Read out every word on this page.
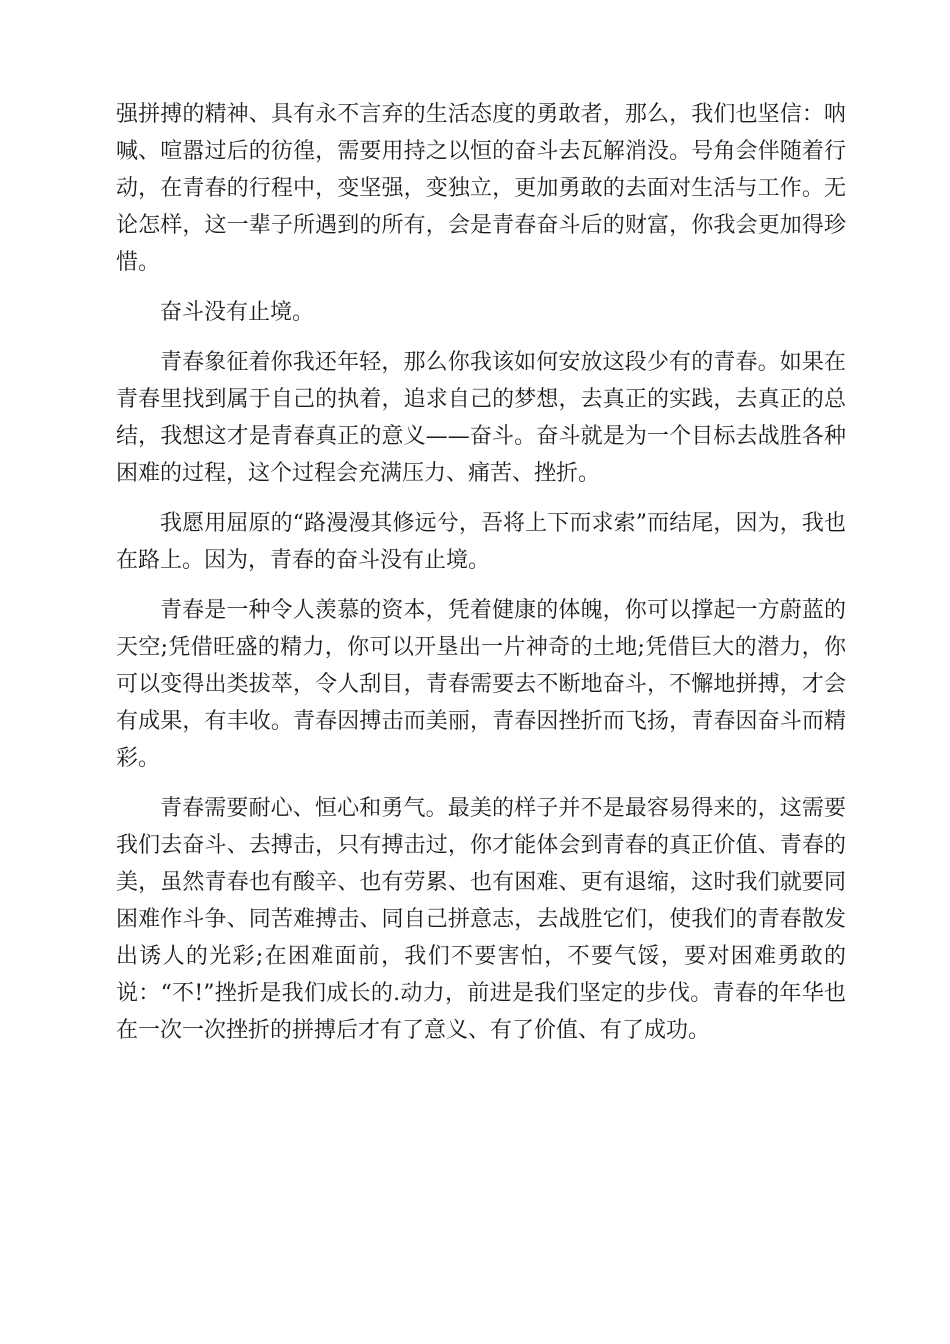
强拼搏的精神、具有永不言弃的生活态度的勇敢者，那么，我们也坚信：呐喊、喧嚣过后的彷徨，需要用持之以恒的奋斗去瓦解消没。号角会伴随着行动，在青春的行程中，变坚强，变独立，更加勇敢的去面对生活与工作。无论怎样，这一辈子所遇到的所有，会是青春奋斗后的财富，你我会更加得珍惜。

奋斗没有止境。

青春象征着你我还年轻，那么你我该如何安放这段少有的青春。如果在青春里找到属于自己的执着，追求自己的梦想，去真正的实践，去真正的总结，我想这才是青春真正的意义——奋斗。奋斗就是为一个目标去战胜各种困难的过程，这个过程会充满压力、痛苦、挫折。

我愿用屈原的“路漫漫其修远兮，吾将上下而求索”而结尾，因为，我也在路上。因为，青春的奋斗没有止境。

青春是一种令人羡慕的资本，凭着健康的体魄，你可以撑起一方蔚蓝的天空;凭借旺盛的精力，你可以开垦出一片神奇的土地;凭借巨大的潜力，你可以变得出类拔萃，令人刮目，青春需要去不断地奋斗，不懈地拼搏，才会有成果，有丰收。青春因搏击而美丽，青春因挫折而飞扬，青春因奋斗而精彩。

青春需要耐心、恒心和勇气。最美的样子并不是最容易得来的，这需要我们去奋斗、去搏击，只有搏击过，你才能体会到青春的真正价值、青春的美，虽然青春也有酸辛、也有劳累、也有困难、更有退缩，这时我们就要同困难作斗争、同苦难搏击、同自己拼意志，去战胜它们，使我们的青春散发出诱人的光彩;在困难面前，我们不要害怕，不要气馁，要对困难勇敢的说：“不!”挫折是我们成长的.动力，前进是我们坚定的步伐。青春的年华也在一次一次挫折的拼搏后才有了意义、有了价值、有了成功。
